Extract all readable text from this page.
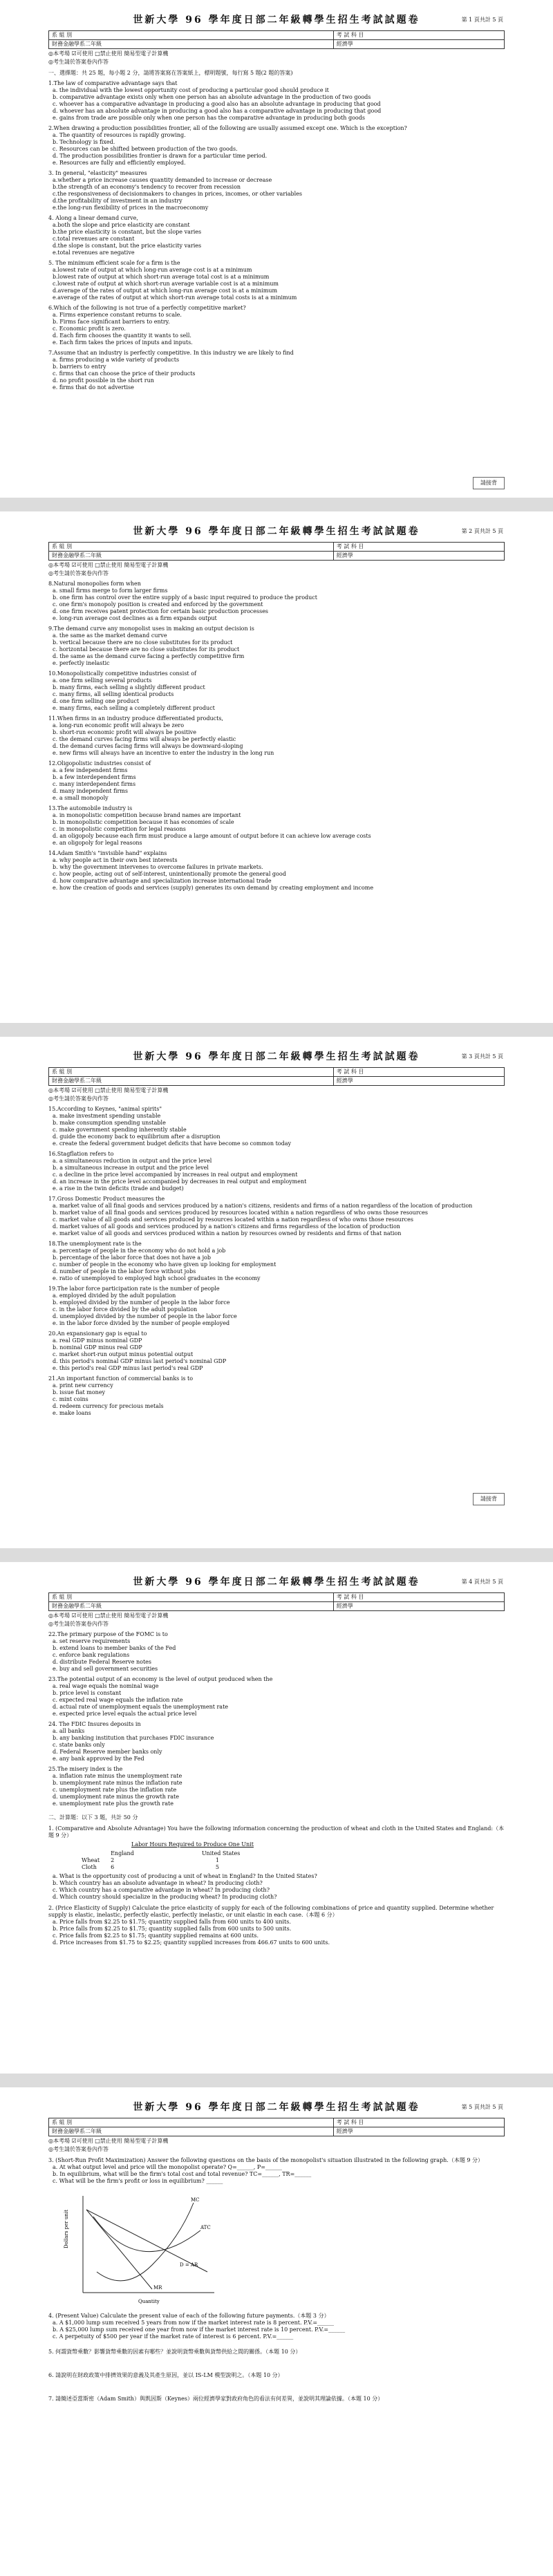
第 1 頁共計 5 頁
世新大學 96 學年度日部二年級轉學生招生考試試題卷
系 組 別	考 試 科 目
財務金融學系二年級	經濟學
◎本考場 ☑可使用 □禁止使用 簡易型電子計算機
◎考生請於答案卷內作答
一、選擇題：共 25 題，每小題 2 分，請將答案寫在答案紙上，標明題號，每行寫 5 題(2 題的答案)
1.The law of comparative advantage says that
a. the individual with the lowest opportunity cost of producing a particular good should produce it
b. comparative advantage exists only when one person has an absolute advantage in the production of two goods
c. whoever has a comparative advantage in producing a good also has an absolute advantage in producing that good
d. whoever has an absolute advantage in producing a good also has a comparative advantage in producing that good
e. gains from trade are possible only when one person has the comparative advantage in producing both goods
2.When drawing a production possibilities frontier, all of the following are usually assumed except one. Which is the exception?
a. The quantity of resources is rapidly growing.
b. Technology is fixed.
c. Resources can be shifted between production of the two goods.
d. The production possibilities frontier is drawn for a particular time period.
e. Resources are fully and efficiently employed.
3. In general, "elasticity" measures
a.whether a price increase causes quantity demanded to increase or decrease
b.the strength of an economy's tendency to recover from recession
c.the responsiveness of decisionmakers to changes in prices, incomes, or other variables
d.the profitability of investment in an industry
e.the long-run flexibility of prices in the macroeconomy
4. Along a linear demand curve,
a.both the slope and price elasticity are constant
b.the price elasticity is constant, but the slope varies
c.total revenues are constant
d.the slope is constant, but the price elasticity varies
e.total revenues are negative
5. The minimum efficient scale for a firm is the
a.lowest rate of output at which long-run average cost is at a minimum
b.lowest rate of output at which short-run average total cost is at a minimum
c.lowest rate of output at which short-run average variable cost is at a minimum
d.average of the rates of output at which long-run average cost is at a minimum
e.average of the rates of output at which short-run average total costs is at a minimum
6.Which of the following is not true of a perfectly competitive market?
a. Firms experience constant returns to scale.
b. Firms face significant barriers to entry.
c. Economic profit is zero.
d. Each firm chooses the quantity it wants to sell.
e. Each firm takes the prices of inputs and inputs.
7.Assume that an industry is perfectly competitive. In this industry we are likely to find
a. firms producing a wide variety of products
b. barriers to entry
c. firms that can choose the price of their products
d. no profit possible in the short run
e. firms that do not advertise
請接背
第 2 頁共計 5 頁
世新大學 96 學年度日部二年級轉學生招生考試試題卷
系 組 別	考 試 科 目
財務金融學系二年級	經濟學
◎本考場 ☑可使用 □禁止使用 簡易型電子計算機
◎考生請於答案卷內作答
8.Natural monopolies form when
a. small firms merge to form larger firms
b. one firm has control over the entire supply of a basic input required to produce the product
c. one firm's monopoly position is created and enforced by the government
d. one firm receives patent protection for certain basic production processes
e. long-run average cost declines as a firm expands output
9.The demand curve any monopolist uses in making an output decision is
a. the same as the market demand curve
b. vertical because there are no close substitutes for its product
c. horizontal because there are no close substitutes for its product
d. the same as the demand curve facing a perfectly competitive firm
e. perfectly inelastic
10.Monopolistically competitive industries consist of
a. one firm selling several products
b. many firms, each selling a slightly different product
c. many firms, all selling identical products
d. one firm selling one product
e. many firms, each selling a completely different product
11.When firms in an industry produce differentiated products,
a. long-run economic profit will always be zero
b. short-run economic profit will always be positive
c. the demand curves facing firms will always be perfectly elastic
d. the demand curves facing firms will always be downward-sloping
e. new firms will always have an incentive to enter the industry in the long run
12.Oligopolistic industries consist of
a. a few independent firms
b. a few interdependent firms
c. many interdependent firms
d. many independent firms
e. a small monopoly
13.The automobile industry is
a. in monopolistic competition because brand names are important
b. in monopolistic competition because it has economies of scale
c. in monopolistic competition for legal reasons
d. an oligopoly because each firm must produce a large amount of output before it can achieve low average costs
e. an oligopoly for legal reasons
14.Adam Smith's "invisible hand" explains
a. why people act in their own best interests
b. why the government intervenes to overcome failures in private markets.
c. how people, acting out of self-interest, unintentionally promote the general good
d. how comparative advantage and specialization increase international trade
e. how the creation of goods and services (supply) generates its own demand by creating employment and income
第 3 頁共計 5 頁
世新大學 96 學年度日部二年級轉學生招生考試試題卷
系 組 別	考 試 科 目
財務金融學系二年級	經濟學
◎本考場 ☑可使用 □禁止使用 簡易型電子計算機
◎考生請於答案卷內作答
15.According to Keynes, "animal spirits"
a. make investment spending unstable
b. make consumption spending unstable
c. make government spending inherently stable
d. guide the economy back to equilibrium after a disruption
e. create the federal government budget deficits that have become so common today
16.Stagflation refers to
a. a simultaneous reduction in output and the price level
b. a simultaneous increase in output and the price level
c. a decline in the price level accompanied by increases in real output and employment
d. an increase in the price level accompanied by decreases in real output and employment
e. a rise in the twin deficits (trade and budget)
17.Gross Domestic Product measures the
a. market value of all final goods and services produced by a nation's citizens, residents and firms of a nation regardless of the location of production
b. market value of all final goods and services produced by resources located within a nation regardless of who owns those resources
c. market value of all goods and services produced by resources located within a nation regardless of who owns those resources
d. market values of all goods and services produced by a nation's citizens and firms regardless of the location of production
e. market value of all goods and services produced within a nation by resources owned by residents and firms of that nation
18.The unemployment rate is the
a. percentage of people in the economy who do not hold a job
b. percentage of the labor force that does not have a job
c. number of people in the economy who have given up looking for employment
d. number of people in the labor force without jobs
e. ratio of unemployed to employed high school graduates in the economy
19.The labor force participation rate is the number of people
a. employed divided by the adult population
b. employed divided by the number of people in the labor force
c. in the labor force divided by the adult population
d. unemployed divided by the number of people in the labor force
e. in the labor force divided by the number of people employed
20.An expansionary gap is equal to
a. real GDP minus nominal GDP
b. nominal GDP minus real GDP
c. market short-run output minus potential output
d. this period's nominal GDP minus last period's nominal GDP
e. this period's real GDP minus last period's real GDP
21.An important function of commercial banks is to
a. print new currency
b. issue fiat money
c. mint coins
d. redeem currency for precious metals
e. make loans
請接背
第 4 頁共計 5 頁
世新大學 96 學年度日部二年級轉學生招生考試試題卷
系 組 別	考 試 科 目
財務金融學系二年級	經濟學
◎本考場 ☑可使用 □禁止使用 簡易型電子計算機
◎考生請於答案卷內作答
22.The primary purpose of the FOMC is to
a. set reserve requirements
b. extend loans to member banks of the Fed
c. enforce bank regulations
d. distribute Federal Reserve notes
e. buy and sell government securities
23.The potential output of an economy is the level of output produced when the
a. real wage equals the nominal wage
b. price level is constant
c. expected real wage equals the inflation rate
d. actual rate of unemployment equals the unemployment rate
e. expected price level equals the actual price level
24. The FDIC Insures deposits in
a. all banks
b. any banking institution that purchases FDIC insurance
c. state banks only
d. Federal Reserve member banks only
e. any bank approved by the Fed
25.The misery index is the
a. inflation rate minus the unemployment rate
b. unemployment rate minus the inflation rate
c. unemployment rate plus the inflation rate
d. unemployment rate minus the growth rate
e. unemployment rate plus the growth rate
二、計算題：以下 3 題，共計 50 分
1. (Comparative and Absolute Advantage) You have the following information concerning the production of wheat and cloth in the United States and England:（本題 9 分）
Labor Hours Required to Produce One Unit
	England	United States
Wheat	2	1
Cloth	6	5
a. What is the opportunity cost of producing a unit of wheat in England? In the United States?
b. Which country has an absolute advantage in wheat? In producing cloth?
c. Which country has a comparative advantage in wheat? In producing cloth?
d. Which country should specialize in the producing wheat? In producing cloth?
2. (Price Elasticity of Supply) Calculate the price elasticity of supply for each of the following combinations of price and quantity supplied. Determine whether supply is elastic, inelastic, perfectly elastic, perfectly inelastic, or unit elastic in each case.（本題 6 分）
a. Price falls from $2.25 to $1.75; quantity supplied falls from 600 units to 400 units.
b. Price falls from $2.25 to $1.75; quantity supplied falls from 600 units to 500 units.
c. Price falls from $2.25 to $1.75; quantity supplied remains at 600 units.
d. Price increases from $1.75 to $2.25; quantity supplied increases from 466.67 units to 600 units.
第 5 頁共計 5 頁
世新大學 96 學年度日部二年級轉學生招生考試試題卷
系 組 別	考 試 科 目
財務金融學系二年級	經濟學
◎本考場 ☑可使用 □禁止使用 簡易型電子計算機
◎考生請於答案卷內作答
3. (Short-Run Profit Maximization) Answer the following questions on the basis of the monopolist's situation illustrated in the following graph.（本題 9 分）
a. At what output level and price will the monopolist operate? Q=______, P=______
b. In equilibrium, what will be the firm's total cost and total revenue? TC=______, TR=______
c. What will be the firm's profit or loss in equilibrium? ______
Dollars per unit
Quantity
MC
ATC
D = AR
MR
4. (Present Value) Calculate the present value of each of the following future payments.（本題 3 分）
a. A $1,000 lump sum received 5 years from now if the market interest rate is 8 percent. P.V.=______
b. A $25,000 lump sum received one year from now if the market interest rate is 10 percent. P.V.=______
c. A perpetuity of $500 per year if the market rate of interest is 6 percent. P.V.=______
5. 何謂貨幣乘數？影響貨幣乘數的因素有哪些？並說明貨幣乘數與貨幣供給之間的關係。（本題 10 分）
6. 請說明在財政政策中排擠效果的意義及其產生原因，並以 IS-LM 模型說明之。（本題 10 分）
7. 請簡述亞當斯密（Adam Smith）與凱因斯（Keynes）兩位經濟學家對政府角色的看法有何差異，並說明其理論依據。（本題 10 分）
